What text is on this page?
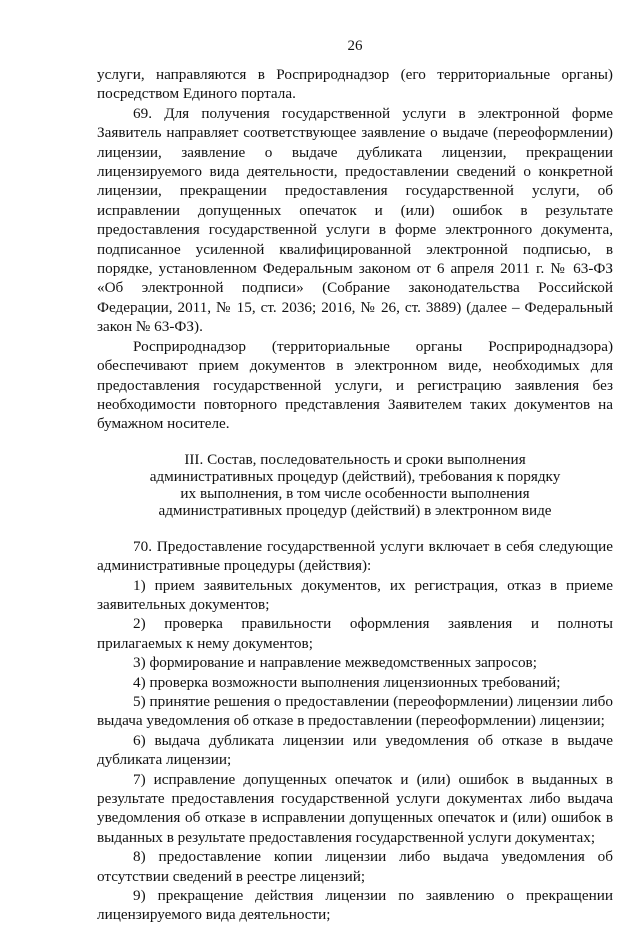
26

услуги, направляются в Росприроднадзор (его территориальные органы) посредством Единого портала.

69. Для получения государственной услуги в электронной форме Заявитель направляет соответствующее заявление о выдаче (переоформлении) лицензии, заявление о выдаче дубликата лицензии, прекращении лицензируемого вида деятельности, предоставлении сведений о конкретной лицензии, прекращении предоставления государственной услуги, об исправлении допущенных опечаток и (или) ошибок в результате предоставления государственной услуги в форме электронного документа, подписанное усиленной квалифицированной электронной подписью, в порядке, установленном Федеральным законом от 6 апреля 2011 г. № 63-ФЗ «Об электронной подписи» (Собрание законодательства Российской Федерации, 2011, № 15, ст. 2036; 2016, № 26, ст. 3889) (далее – Федеральный закон № 63-ФЗ).

Росприроднадзор (территориальные органы Росприроднадзора) обеспечивают прием документов в электронном виде, необходимых для предоставления государственной услуги, и регистрацию заявления без необходимости повторного представления Заявителем таких документов на бумажном носителе.

III. Состав, последовательность и сроки выполнения
административных процедур (действий), требования к порядку
их выполнения, в том числе особенности выполнения
административных процедур (действий) в электронном виде

70. Предоставление государственной услуги включает в себя следующие административные процедуры (действия):

1) прием заявительных документов, их регистрация, отказ в приеме заявительных документов;

2) проверка правильности оформления заявления и полноты прилагаемых к нему документов;

3) формирование и направление межведомственных запросов;

4) проверка возможности выполнения лицензионных требований;

5) принятие решения о предоставлении (переоформлении) лицензии либо выдача уведомления об отказе в предоставлении (переоформлении) лицензии;

6) выдача дубликата лицензии или уведомления об отказе в выдаче дубликата лицензии;

7) исправление допущенных опечаток и (или) ошибок в выданных в результате предоставления государственной услуги документах либо выдача уведомления об отказе в исправлении допущенных опечаток и (или) ошибок в выданных в результате предоставления государственной услуги документах;

8) предоставление копии лицензии либо выдача уведомления об отсутствии сведений в реестре лицензий;

9) прекращение действия лицензии по заявлению о прекращении лицензируемого вида деятельности;
